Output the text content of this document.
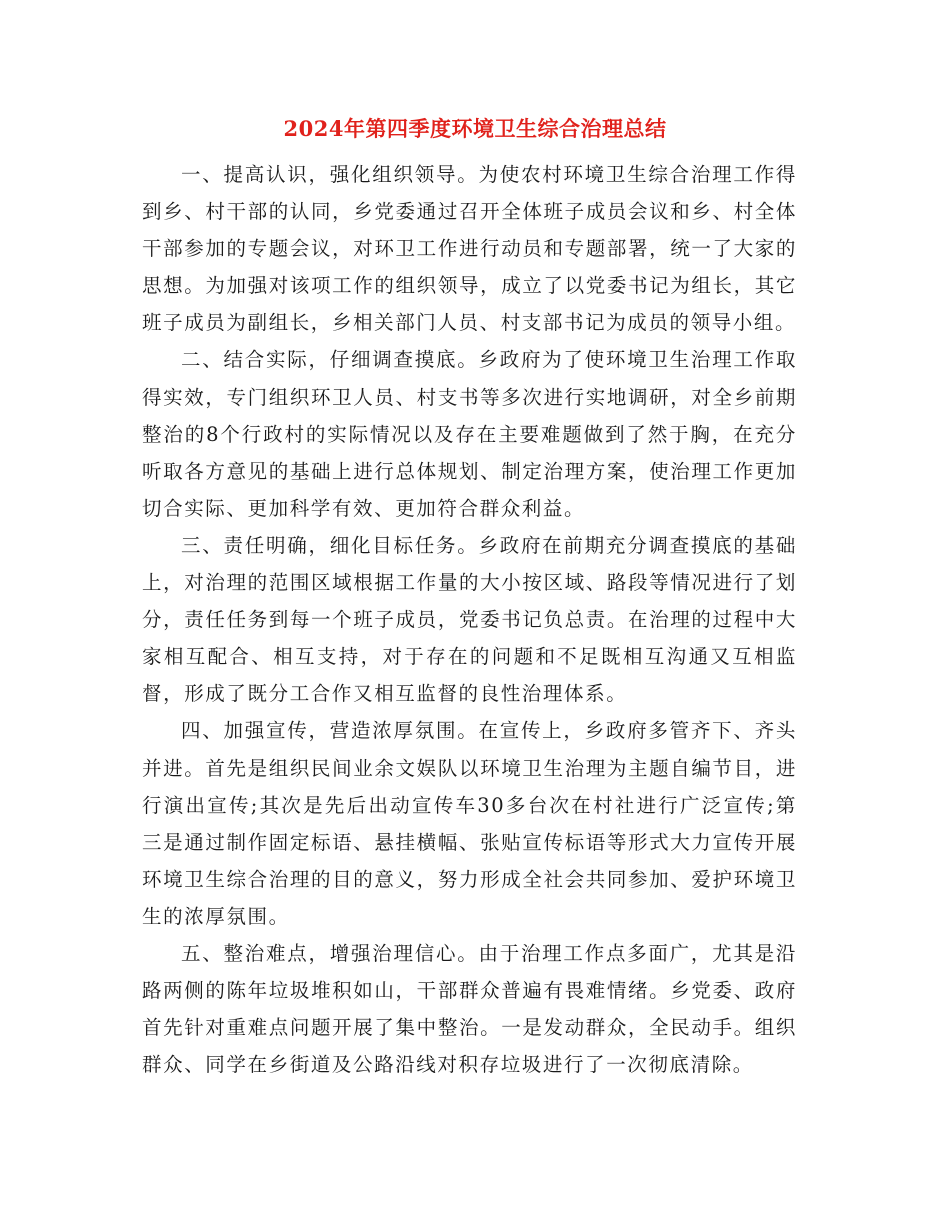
2024年第四季度环境卫生综合治理总结

一、提高认识，强化组织领导。为使农村环境卫生综合治理工作得到乡、村干部的认同，乡党委通过召开全体班子成员会议和乡、村全体干部参加的专题会议，对环卫工作进行动员和专题部署，统一了大家的思想。为加强对该项工作的组织领导，成立了以党委书记为组长，其它班子成员为副组长，乡相关部门人员、村支部书记为成员的领导小组。

二、结合实际，仔细调查摸底。乡政府为了使环境卫生治理工作取得实效，专门组织环卫人员、村支书等多次进行实地调研，对全乡前期整治的8个行政村的实际情况以及存在主要难题做到了然于胸，在充分听取各方意见的基础上进行总体规划、制定治理方案，使治理工作更加切合实际、更加科学有效、更加符合群众利益。

三、责任明确，细化目标任务。乡政府在前期充分调查摸底的基础上，对治理的范围区域根据工作量的大小按区域、路段等情况进行了划分，责任任务到每一个班子成员，党委书记负总责。在治理的过程中大家相互配合、相互支持，对于存在的问题和不足既相互沟通又互相监督，形成了既分工合作又相互监督的良性治理体系。

四、加强宣传，营造浓厚氛围。在宣传上，乡政府多管齐下、齐头并进。首先是组织民间业余文娱队以环境卫生治理为主题自编节目，进行演出宣传;其次是先后出动宣传车30多台次在村社进行广泛宣传;第三是通过制作固定标语、悬挂横幅、张贴宣传标语等形式大力宣传开展环境卫生综合治理的目的意义，努力形成全社会共同参加、爱护环境卫生的浓厚氛围。

五、整治难点，增强治理信心。由于治理工作点多面广，尤其是沿路两侧的陈年垃圾堆积如山，干部群众普遍有畏难情绪。乡党委、政府首先针对重难点问题开展了集中整治。一是发动群众，全民动手。组织群众、同学在乡街道及公路沿线对积存垃圾进行了一次彻底清除。
